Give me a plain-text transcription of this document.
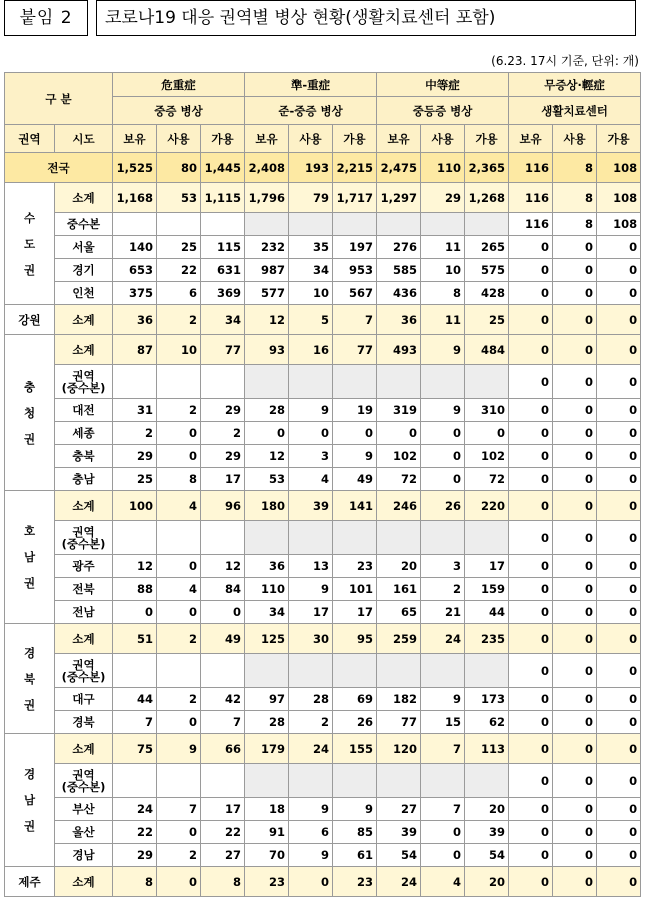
붙임 2	코로나19 대응 권역별 병상 현황(생활치료센터 포함)
(6.23. 17시 기준, 단위: 개)
구 분		危重症			準-重症			中等症			무증상·輕症		
		중증 병상			준-중증 병상			중등증 병상			생활치료센터		
권역	시도	보유	사용	가용	보유	사용	가용	보유	사용	가용	보유	사용	가용
전국		1,525	80	1,445	2,408	193	2,215	2,475	110	2,365	116	8	108
수
도
권	소계	1,168	53	1,115	1,796	79	1,717	1,297	29	1,268	116	8	108
	중수본										116	8	108
	서울	140	25	115	232	35	197	276	11	265	0	0	0
	경기	653	22	631	987	34	953	585	10	575	0	0	0
	인천	375	6	369	577	10	567	436	8	428	0	0	0
강원	소계	36	2	34	12	5	7	36	11	25	0	0	0
충
청
권	소계	87	10	77	93	16	77	493	9	484	0	0	0
	권역
(중수본)										0	0	0
	대전	31	2	29	28	9	19	319	9	310	0	0	0
	세종	2	0	2	0	0	0	0	0	0	0	0	0
	충북	29	0	29	12	3	9	102	0	102	0	0	0
	충남	25	8	17	53	4	49	72	0	72	0	0	0
호
남
권	소계	100	4	96	180	39	141	246	26	220	0	0	0
	권역
(중수본)										0	0	0
	광주	12	0	12	36	13	23	20	3	17	0	0	0
	전북	88	4	84	110	9	101	161	2	159	0	0	0
	전남	0	0	0	34	17	17	65	21	44	0	0	0
경
북
권	소계	51	2	49	125	30	95	259	24	235	0	0	0
	권역
(중수본)										0	0	0
	대구	44	2	42	97	28	69	182	9	173	0	0	0
	경북	7	0	7	28	2	26	77	15	62	0	0	0
경
남
권	소계	75	9	66	179	24	155	120	7	113	0	0	0
	권역
(중수본)										0	0	0
	부산	24	7	17	18	9	9	27	7	20	0	0	0
	울산	22	0	22	91	6	85	39	0	39	0	0	0
	경남	29	2	27	70	9	61	54	0	54	0	0	0
제주	소계	8	0	8	23	0	23	24	4	20	0	0	0
